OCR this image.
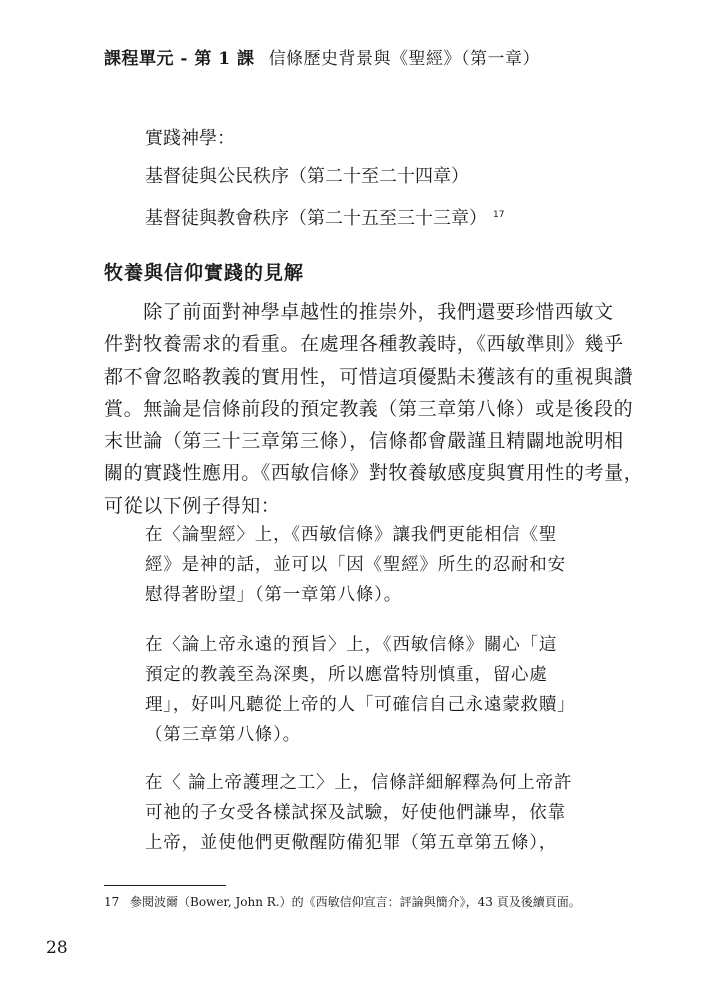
課程單元 - 第 1 課 信條歷史背景與《聖經》（第一章）
實踐神學：
基督徒與公民秩序（第二十至二十四章）
基督徒與教會秩序（第二十五至三十三章） $^{17}$
牧養與信仰實踐的見解
　　除了前面對神學卓越性的推崇外，我們還要珍惜西敏文
件對牧養需求的看重。在處理各種教義時，《西敏準則》幾乎
都不會忽略教義的實用性，可惜這項優點未獲該有的重視與讚
賞。無論是信條前段的預定教義（第三章第八條）或是後段的
末世論（第三十三章第三條），信條都會嚴謹且精闢地說明相
關的實踐性應用。《西敏信條》對牧養敏感度與實用性的考量，
可從以下例子得知：
在〈論聖經〉上，《西敏信條》讓我們更能相信《聖
經》是神的話，並可以「因《聖經》所生的忍耐和安
慰得著盼望」（第一章第八條）。
在〈論上帝永遠的預旨〉上，《西敏信條》關心「這
預定的教義至為深奧，所以應當特別慎重，留心處
理」，好叫凡聽從上帝的人「可確信自己永遠蒙救贖」
（第三章第八條）。
在〈 論上帝護理之工〉上，信條詳細解釋為何上帝許
可祂的子女受各樣試探及試驗，好使他們謙卑，依靠
上帝，並使他們更儆醒防備犯罪（第五章第五條），
17 參閱波爾（Bower, John R.）的《西敏信仰宣言：評論與簡介》，43 頁及後續頁面。
28
